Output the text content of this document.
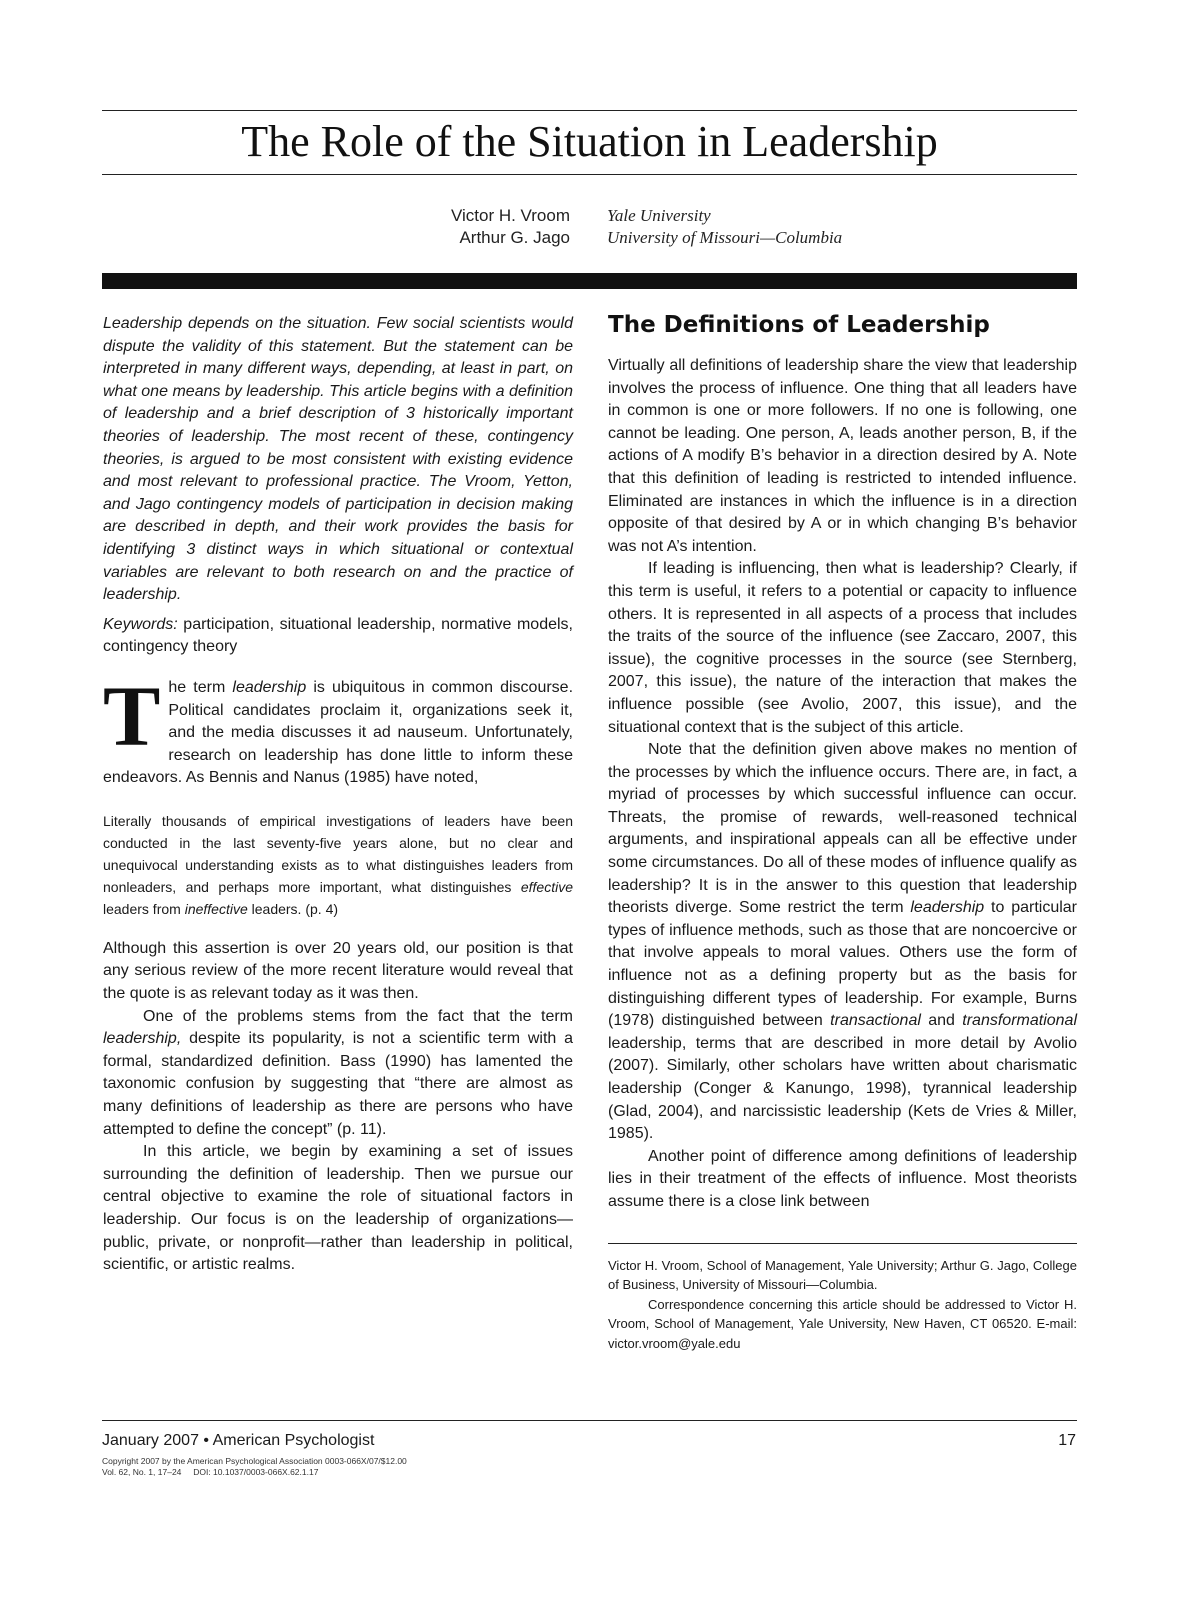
The Role of the Situation in Leadership
Victor H. Vroom
Arthur G. Jago
Yale University
University of Missouri—Columbia

Leadership depends on the situation. Few social scientists would dispute the validity of this statement. But the statement can be interpreted in many different ways, depending, at least in part, on what one means by leadership. This article begins with a definition of leadership and a brief description of 3 historically important theories of leadership. The most recent of these, contingency theories, is argued to be most consistent with existing evidence and most relevant to professional practice. The Vroom, Yetton, and Jago contingency models of participation in decision making are described in depth, and their work provides the basis for identifying 3 distinct ways in which situational or contextual variables are relevant to both research on and the practice of leadership.

Keywords: participation, situational leadership, normative models, contingency theory

T he term leadership is ubiquitous in common discourse. Political candidates proclaim it, organizations seek it, and the media discusses it ad nauseum. Unfortunately, research on leadership has done little to inform these endeavors. As Bennis and Nanus (1985) have noted,

Literally thousands of empirical investigations of leaders have been conducted in the last seventy-five years alone, but no clear and unequivocal understanding exists as to what distinguishes leaders from nonleaders, and perhaps more important, what distinguishes effective leaders from ineffective leaders. (p. 4)

Although this assertion is over 20 years old, our position is that any serious review of the more recent literature would reveal that the quote is as relevant today as it was then.

One of the problems stems from the fact that the term leadership, despite its popularity, is not a scientific term with a formal, standardized definition. Bass (1990) has lamented the taxonomic confusion by suggesting that “there are almost as many definitions of leadership as there are persons who have attempted to define the concept” (p. 11).

In this article, we begin by examining a set of issues surrounding the definition of leadership. Then we pursue our central objective to examine the role of situational factors in leadership. Our focus is on the leadership of organizations—public, private, or nonprofit—rather than leadership in political, scientific, or artistic realms.

The Definitions of Leadership

Virtually all definitions of leadership share the view that leadership involves the process of influence. One thing that all leaders have in common is one or more followers. If no one is following, one cannot be leading. One person, A, leads another person, B, if the actions of A modify B’s behavior in a direction desired by A. Note that this definition of leading is restricted to intended influence. Eliminated are instances in which the influence is in a direction opposite of that desired by A or in which changing B’s behavior was not A’s intention.

If leading is influencing, then what is leadership? Clearly, if this term is useful, it refers to a potential or capacity to influence others. It is represented in all aspects of a process that includes the traits of the source of the influence (see Zaccaro, 2007, this issue), the cognitive processes in the source (see Sternberg, 2007, this issue), the nature of the interaction that makes the influence possible (see Avolio, 2007, this issue), and the situational context that is the subject of this article.

Note that the definition given above makes no mention of the processes by which the influence occurs. There are, in fact, a myriad of processes by which successful influence can occur. Threats, the promise of rewards, well-reasoned technical arguments, and inspirational appeals can all be effective under some circumstances. Do all of these modes of influence qualify as leadership? It is in the answer to this question that leadership theorists diverge. Some restrict the term leadership to particular types of influence methods, such as those that are noncoercive or that involve appeals to moral values. Others use the form of influence not as a defining property but as the basis for distinguishing different types of leadership. For example, Burns (1978) distinguished between transactional and transformational leadership, terms that are described in more detail by Avolio (2007). Similarly, other scholars have written about charismatic leadership (Conger & Kanungo, 1998), tyrannical leadership (Glad, 2004), and narcissistic leadership (Kets de Vries & Miller, 1985).

Another point of difference among definitions of leadership lies in their treatment of the effects of influence. Most theorists assume there is a close link between

Victor H. Vroom, School of Management, Yale University; Arthur G. Jago, College of Business, University of Missouri—Columbia.

Correspondence concerning this article should be addressed to Victor H. Vroom, School of Management, Yale University, New Haven, CT 06520. E-mail: victor.vroom@yale.edu

January 2007 • American Psychologist	17
Copyright 2007 by the American Psychological Association 0003-066X/07/$12.00
Vol. 62, No. 1, 17–24     DOI: 10.1037/0003-066X.62.1.17
